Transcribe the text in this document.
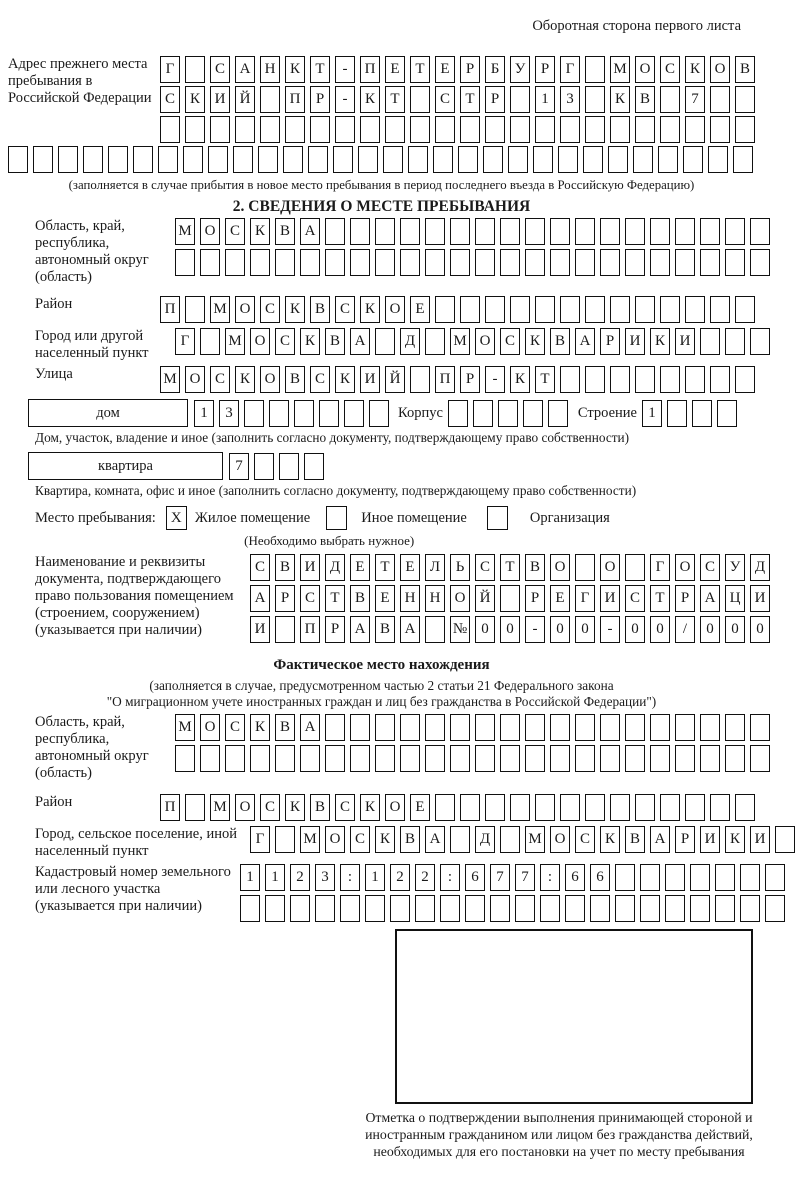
Оборотная сторона первого листа
Адрес прежнего места пребывания в Российской Федерации
Г	С А Н К	Т	-	П Е	Т	Е	Р	Б	У	Р	Г	М О С К О В
С К И Й	П	Р	-	К	Т	С	Т	Р	1	3	К В	7
(заполняется в случае прибытия в новое место пребывания в период последнего въезда в Российскую Федерацию)
2. СВЕДЕНИЯ О МЕСТЕ ПРЕБЫВАНИЯ
Область, край, республика, автономный округ (область)
М О С К В А
Район	П	М О С К В С К О Е
Город или другой населенный пункт
Г	М О С К В А	Д	М О С К В А	Р	И К И
Улица	М О С К О В С К И Й	П	Р	-	К	Т
дом	1	3	Корпус	Строение 1
Дом, участок, владение и иное (заполнить согласно документу, подтверждающему право собственности)
квартира	7
Квартира, комната, офис и иное (заполнить согласно документу, подтверждающему право собственности)
Место пребывания:	X Жилое помещение	Иное помещение	Организация
(Необходимо выбрать нужное)
Наименование и реквизиты документа, подтверждающего право пользования помещением (строением, сооружением) (указывается при наличии)
С В И Д	Е	Т	Е	Л	Ь	С	Т	В О	О	Г	О С У Д
А	Р	С	Т	В	Е	Н Н О Й	Р	Е	Г	И С	Т	Р	А Ц И
И	П	Р	А В А	№ 0	0	-	0	0	-	0	0	/	0	0	0
Фактическое место нахождения
(заполняется в случае, предусмотренном частью 2 статьи 21 Федерального закона
"О миграционном учете иностранных граждан и лиц без гражданства в Российской Федерации")
Область, край, республика, автономный округ (область)
М О С К В А
Район	П	М О С К В С К О Е
Город, сельское поселение, иной населенный пункт
Г	М О С К В А	Д	М О С К В А	Р	И К И
Кадастровый номер земельного или лесного участка (указывается при наличии)
1	1	2	3	:	1	2	2	:	6	7	7	:	6	6
Отметка о подтверждении выполнения принимающей стороной и иностранным гражданином или лицом без гражданства действий, необходимых для его постановки на учет по месту пребывания
